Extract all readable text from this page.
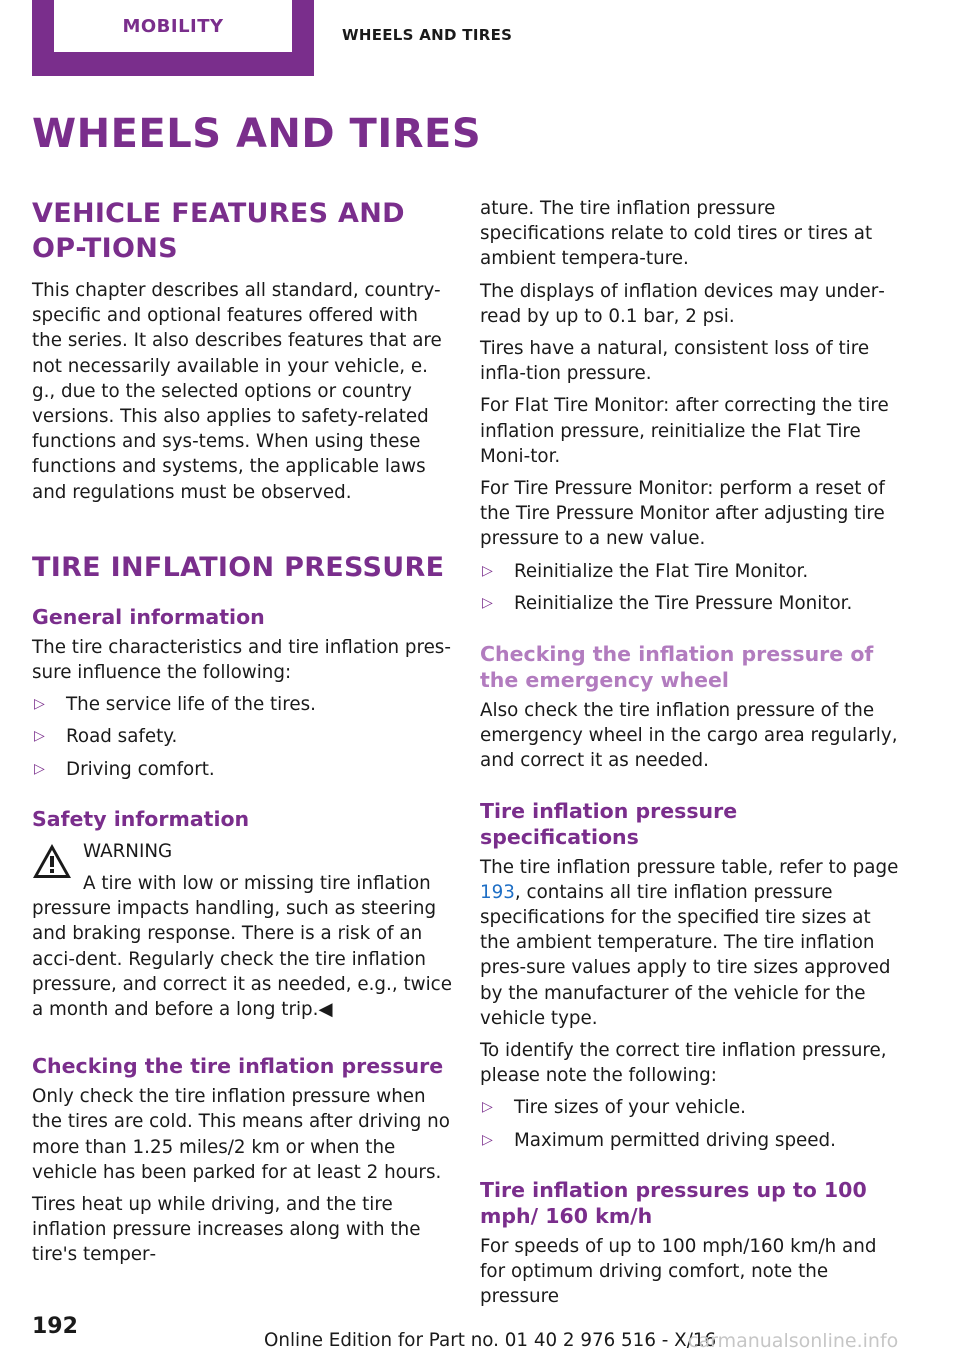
MOBILITY	WHEELS AND TIRES
WHEELS AND TIRES
VEHICLE FEATURES AND OP‐TIONS

This chapter describes all standard, country-specific and optional features offered with the series. It also describes features that are not necessarily available in your vehicle, e. g., due to the selected options or country versions. This also applies to safety-related functions and sys‐tems. When using these functions and systems, the applicable laws and regulations must be observed.

TIRE INFLATION PRESSURE
General information

The tire characteristics and tire inflation pres‐sure influence the following:

▷ The service life of the tires.
▷ Road safety.
▷ Driving comfort.
Safety information
WARNING

A tire with low or missing tire inflation pressure impacts handling, such as steering and braking response. There is a risk of an acci‐dent. Regularly check the tire inflation pressure, and correct it as needed, e.g., twice a month and before a long trip.◀

Checking the tire inflation pressure

Only check the tire inflation pressure when the tires are cold. This means after driving no more than 1.25 miles/2 km or when the vehicle has been parked for at least 2 hours.

Tires heat up while driving, and the tire inflation pressure increases along with the tire's temper‐

ature. The tire inflation pressure specifications relate to cold tires or tires at ambient tempera‐ture.

The displays of inflation devices may under‐read by up to 0.1 bar, 2 psi.

Tires have a natural, consistent loss of tire infla‐tion pressure.

For Flat Tire Monitor: after correcting the tire inflation pressure, reinitialize the Flat Tire Moni‐tor.

For Tire Pressure Monitor: perform a reset of the Tire Pressure Monitor after adjusting tire pressure to a new value.

▷ Reinitialize the Flat Tire Monitor.
▷ Reinitialize the Tire Pressure Monitor.
Checking the inflation pressure of the emergency wheel

Also check the tire inflation pressure of the emergency wheel in the cargo area regularly, and correct it as needed.

Tire inflation pressure specifications

The tire inflation pressure table, refer to page 193, contains all tire inflation pressure specifications for the specified tire sizes at the ambient temperature. The tire inflation pres‐sure values apply to tire sizes approved by the manufacturer of the vehicle for the vehicle type.

To identify the correct tire inflation pressure, please note the following:

▷ Tire sizes of your vehicle.
▷ Maximum permitted driving speed.
Tire inflation pressures up to 100 mph/ 160 km/h

For speeds of up to 100 mph/160 km/h and for optimum driving comfort, note the pressure

192
Online Edition for Part no. 01 40 2 976 516 - X/16
carmanualsonline.info
